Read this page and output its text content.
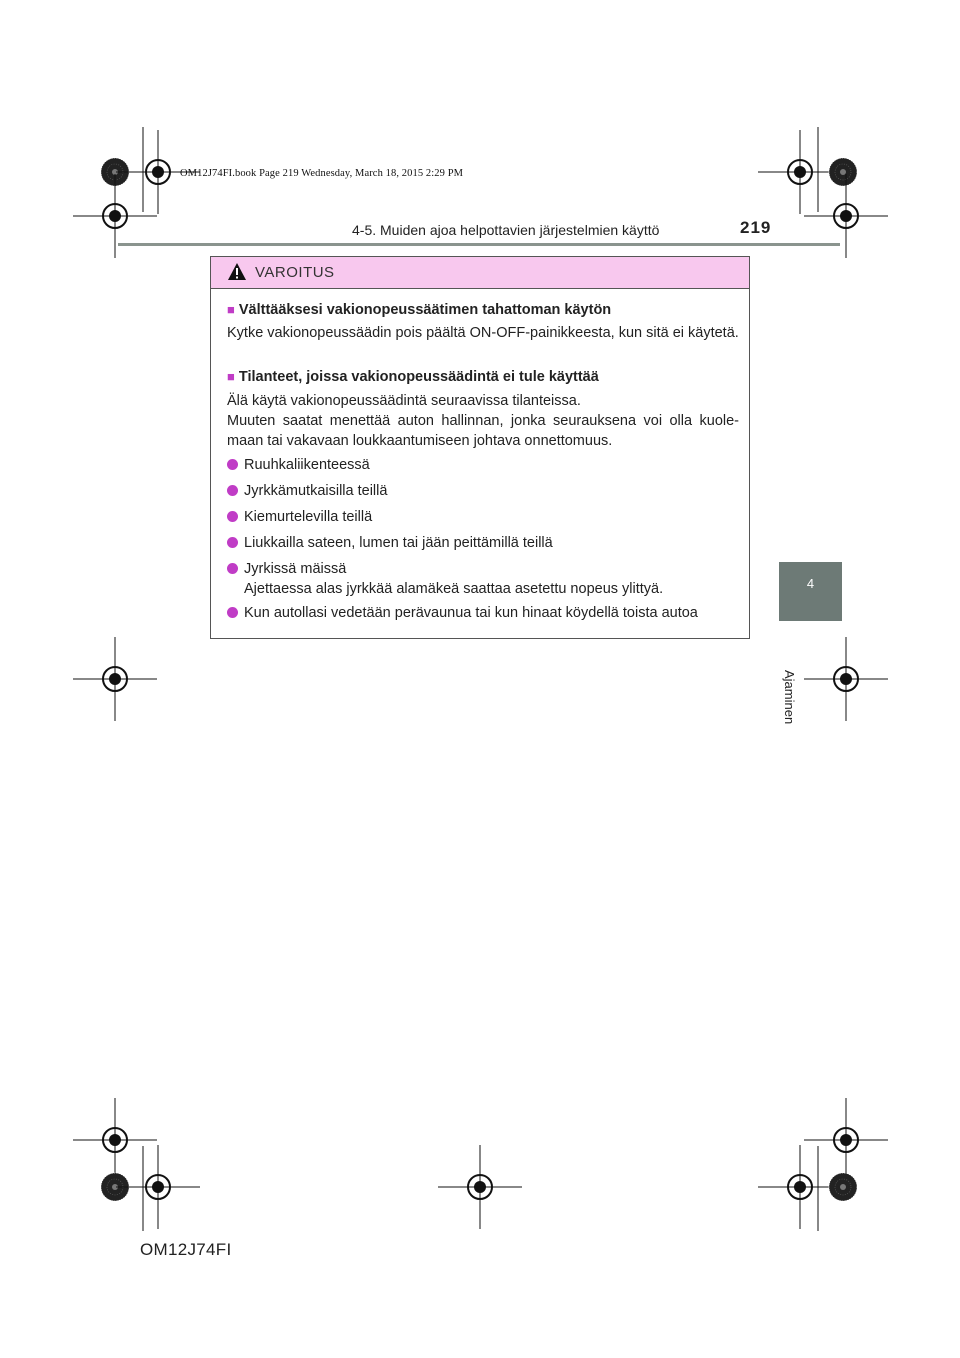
OM12J74FI.book Page 219 Wednesday, March 18, 2015 2:29 PM
4-5. Muiden ajoa helpottavien järjestelmien käyttö	219
4
Ajaminen
VAROITUS
■ Välttääksesi vakionopeussäätimen tahattoman käytön
Kytke vakionopeussäädin pois päältä ON-OFF-painikkeesta, kun sitä ei käytetä.
■ Tilanteet, joissa vakionopeussäädintä ei tule käyttää
Älä käytä vakionopeussäädintä seuraavissa tilanteissa.
Muuten saatat menettää auton hallinnan, jonka seurauksena voi olla kuole-maan tai vakavaan loukkaantumiseen johtava onnettomuus.
Ruuhkaliikenteessä
Jyrkkämutkaisilla teillä
Kiemurtelevilla teillä
Liukkailla sateen, lumen tai jään peittämillä teillä
Jyrkissä mäissä
Ajettaessa alas jyrkkää alamäkeä saattaa asetettu nopeus ylittyä.
Kun autollasi vedetään perävaunua tai kun hinaat köydellä toista autoa
OM12J74FI
